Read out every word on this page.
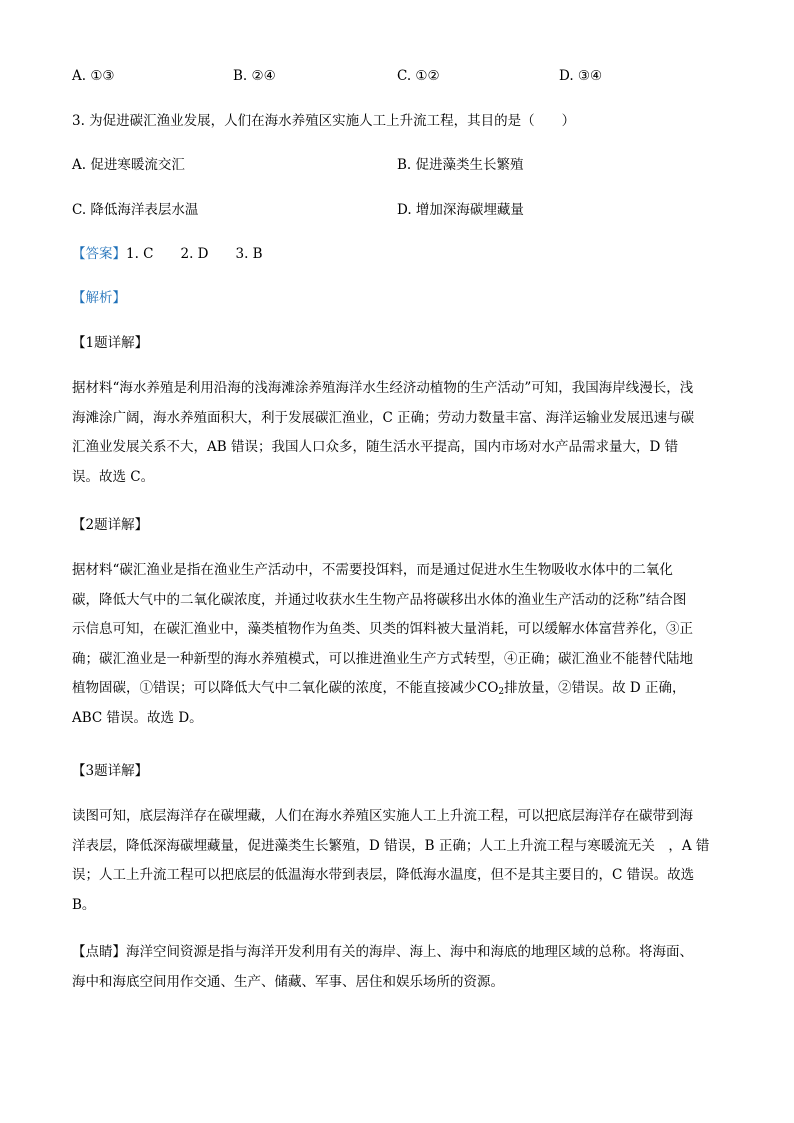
A. ①③	B. ②④	C. ①②	D. ③④
3. 为促进碳汇渔业发展，人们在海水养殖区实施人工上升流工程，其目的是（　　）
A. 促进寒暖流交汇	B. 促进藻类生长繁殖
C. 降低海洋表层水温	D. 增加深海碳埋藏量
【答案】1. C　　2. D　　3. B
【解析】
【1题详解】
据材料“海水养殖是利用沿海的浅海滩涂养殖海洋水生经济动植物的生产活动”可知，我国海岸线漫长，浅
海滩涂广阔，海水养殖面积大，利于发展碳汇渔业，C 正确；劳动力数量丰富、海洋运输业发展迅速与碳
汇渔业发展关系不大，AB 错误；我国人口众多，随生活水平提高，国内市场对水产品需求量大，D 错
误。故选 C。
【2题详解】
据材料“碳汇渔业是指在渔业生产活动中，不需要投饵料，而是通过促进水生生物吸收水体中的二氧化
碳，降低大气中的二氧化碳浓度，并通过收获水生生物产品将碳移出水体的渔业生产活动的泛称”结合图
示信息可知，在碳汇渔业中，藻类植物作为鱼类、贝类的饵料被大量消耗，可以缓解水体富营养化，③正
确；碳汇渔业是一种新型的海水养殖模式，可以推进渔业生产方式转型，④正确；碳汇渔业不能替代陆地
植物固碳，①错误；可以降低大气中二氧化碳的浓度，不能直接减少$CO_2$排放量，②错误。故 D 正确，
ABC 错误。故选 D。
【3题详解】
读图可知，底层海洋存在碳埋藏，人们在海水养殖区实施人工上升流工程，可以把底层海洋存在碳带到海
洋表层，降低深海碳埋藏量，促进藻类生长繁殖，D 错误，B 正确；人工上升流工程与寒暖流无关　，A 错
误；人工上升流工程可以把底层的低温海水带到表层，降低海水温度，但不是其主要目的，C 错误。故选
B。
【点睛】海洋空间资源是指与海洋开发利用有关的海岸、海上、海中和海底的地理区域的总称。将海面、
海中和海底空间用作交通、生产、储藏、军事、居住和娱乐场所的资源。
